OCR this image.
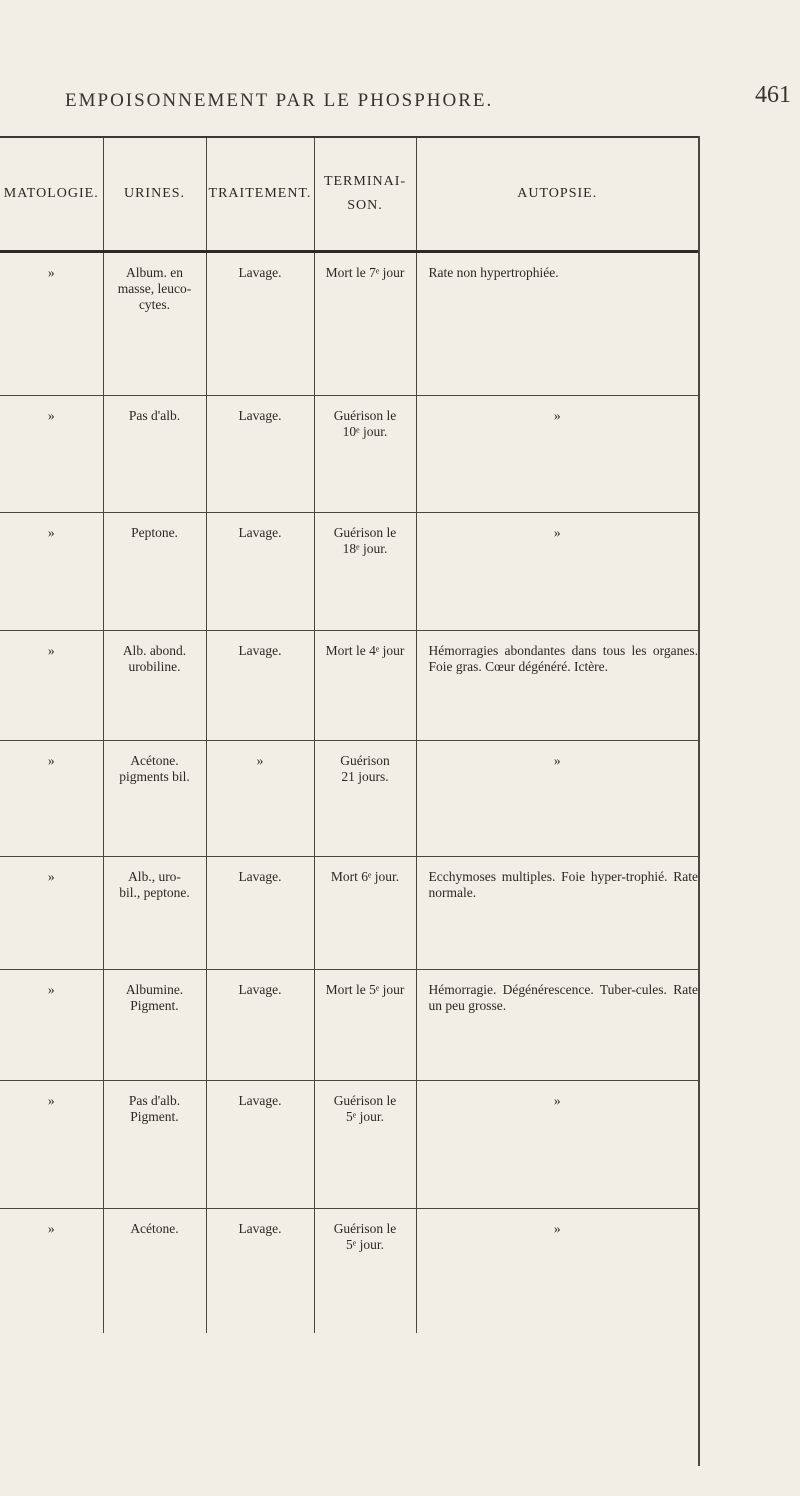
EMPOISONNEMENT PAR LE PHOSPHORE.	461
MATOLOGIE.	URINES.	TRAITEMENT.	TERMINAI-
SON.	AUTOPSIE.

»	Album. en
masse, leuco-
cytes.	Lavage.	Mort le 7ᵉ jour	Rate non hypertrophiée.

»	Pas d'alb.	Lavage.	Guérison le
10ᵉ jour.	»

»	Peptone.	Lavage.	Guérison le
18ᵉ jour.	»

»	Alb. abond.
urobiline.	Lavage.	Mort le 4ᵉ jour	Hémorragies abondantes dans tous les organes. Foie gras. Cœur dégénéré. Ictère.

»	Acétone.
pigments bil.	»	Guérison
21 jours.	»

»	Alb., uro-
bil., peptone.	Lavage.	Mort 6ᵉ jour.	Ecchymoses multiples. Foie hyper-trophié. Rate normale.

»	Albumine.
Pigment.	Lavage.	Mort le 5ᵉ jour	Hémorragie. Dégénérescence. Tuber-cules. Rate un peu grosse.

»	Pas d'alb.
Pigment.	Lavage.	Guérison le
5ᵉ jour.	»

»	Acétone.	Lavage.	Guérison le
5ᵉ jour.	»
